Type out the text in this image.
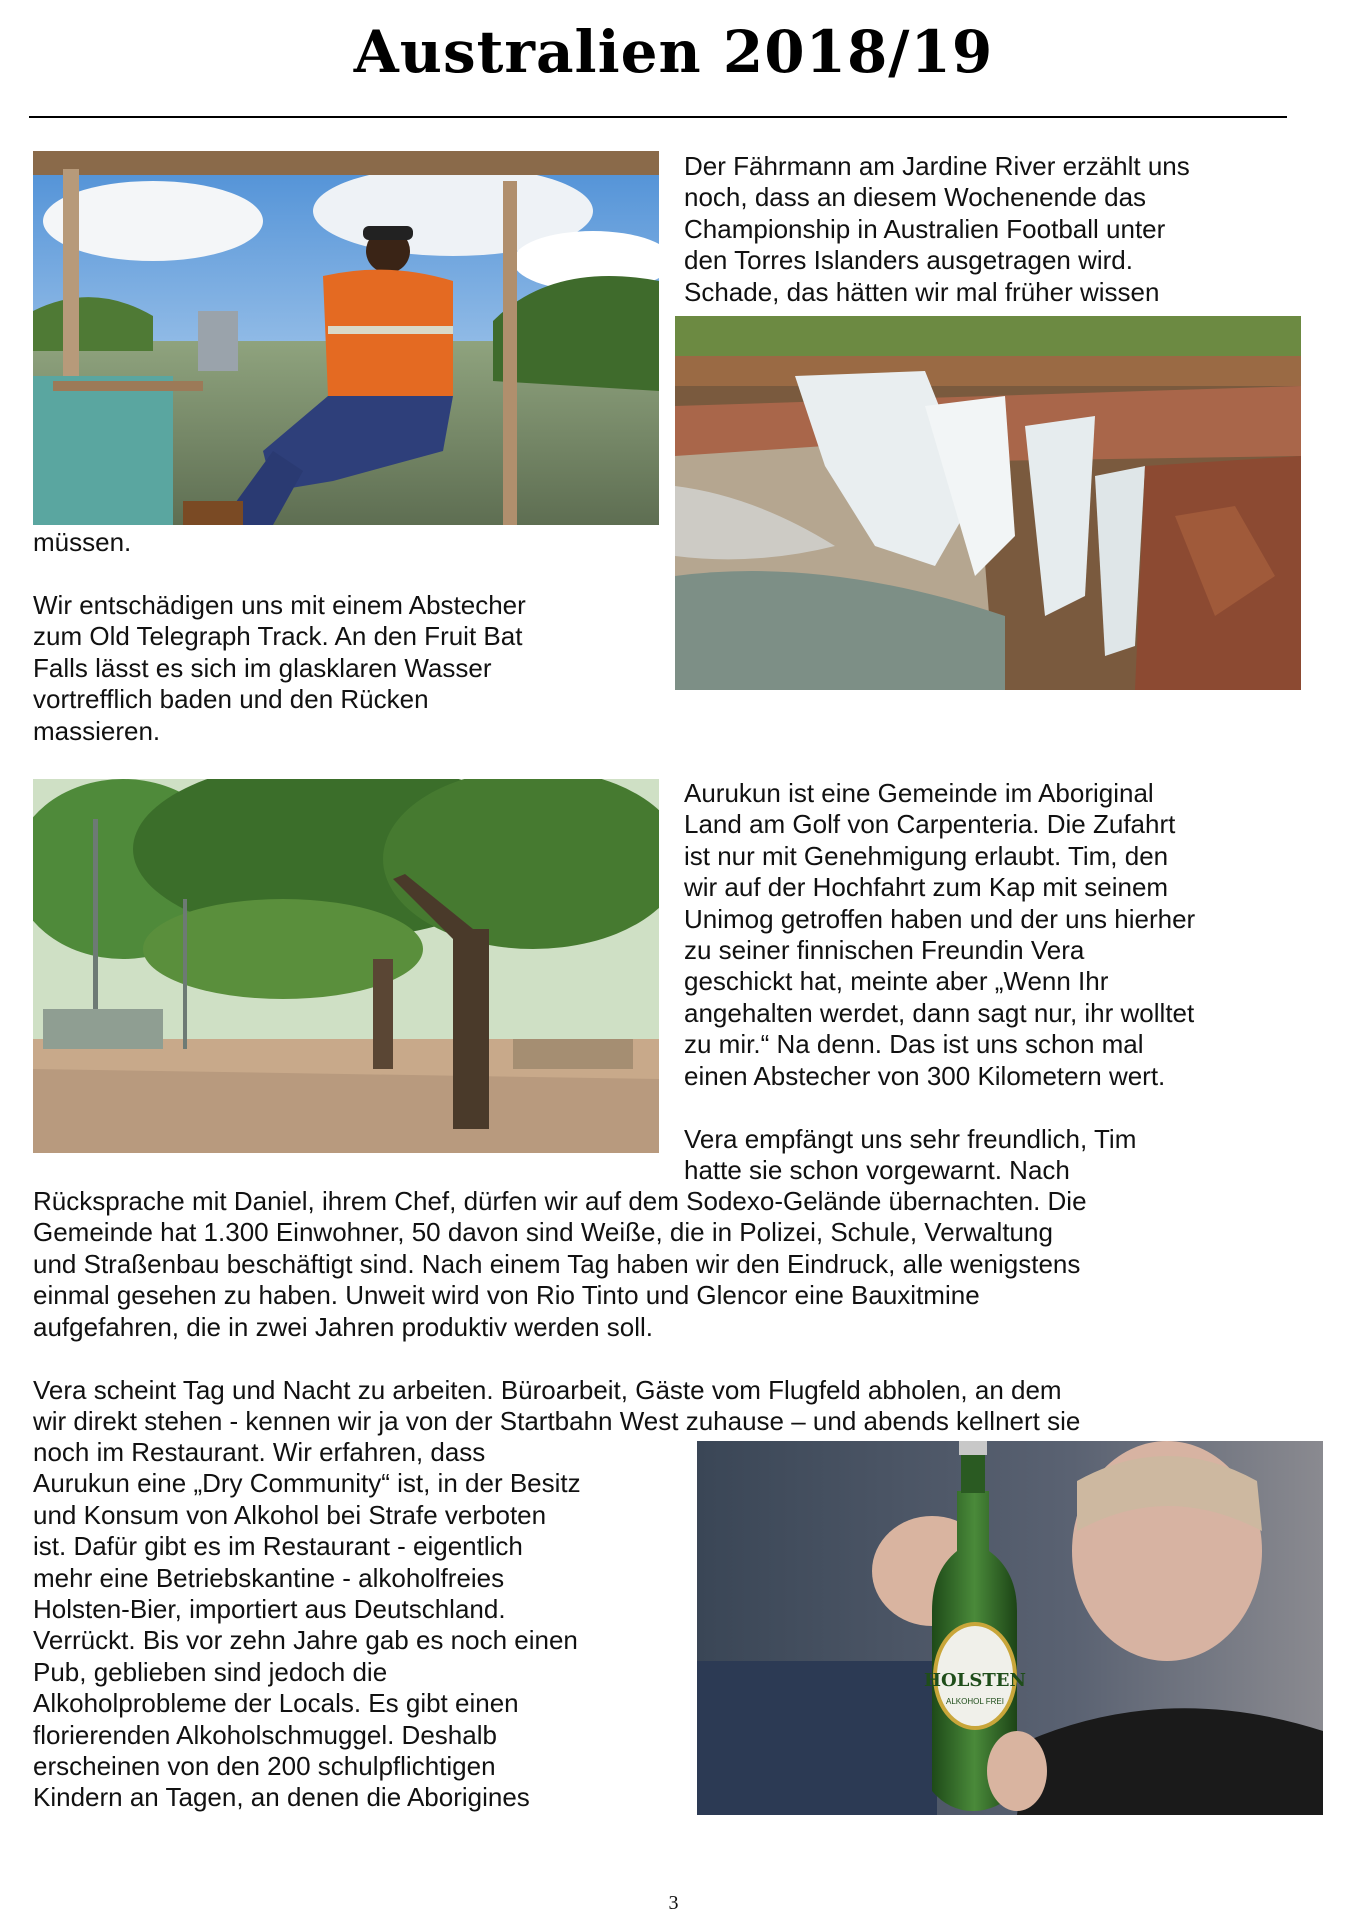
Australien 2018/19
HOLSTEN
ALKOHOL FREI

Der Fährmann am Jardine River erzählt uns
noch, dass an diesem Wochenende das
Championship in Australien Football unter
den Torres Islanders ausgetragen wird.
Schade, das hätten wir mal früher wissen

müssen.

Wir entschädigen uns mit einem Abstecher
zum Old Telegraph Track. An den Fruit Bat
Falls lässt es sich im glasklaren Wasser
vortrefflich baden und den Rücken
massieren.

Aurukun ist eine Gemeinde im Aboriginal
Land am Golf von Carpenteria. Die Zufahrt
ist nur mit Genehmigung erlaubt. Tim, den
wir auf der Hochfahrt zum Kap mit seinem
Unimog getroffen haben und der uns hierher
zu seiner finnischen Freundin Vera
geschickt hat, meinte aber „Wenn Ihr
angehalten werdet, dann sagt nur, ihr wolltet
zu mir.“ Na denn. Das ist uns schon mal
einen Abstecher von 300 Kilometern wert.

Vera empfängt uns sehr freundlich, Tim
hatte sie schon vorgewarnt. Nach

Rücksprache mit Daniel, ihrem Chef, dürfen wir auf dem Sodexo-Gelände übernachten. Die
Gemeinde hat 1.300 Einwohner, 50 davon sind Weiße, die in Polizei, Schule, Verwaltung
und Straßenbau beschäftigt sind. Nach einem Tag haben wir den Eindruck, alle wenigstens
einmal gesehen zu haben. Unweit wird von Rio Tinto und Glencor eine Bauxitmine
aufgefahren, die in zwei Jahren produktiv werden soll.

Vera scheint Tag und Nacht zu arbeiten. Büroarbeit, Gäste vom Flugfeld abholen, an dem
wir direkt stehen - kennen wir ja von der Startbahn West zuhause – und abends kellnert sie

noch im Restaurant. Wir erfahren, dass
Aurukun eine „Dry Community“ ist, in der Besitz
und Konsum von Alkohol bei Strafe verboten
ist. Dafür gibt es im Restaurant - eigentlich
mehr eine Betriebskantine - alkoholfreies
Holsten-Bier, importiert aus Deutschland.
Verrückt. Bis vor zehn Jahre gab es noch einen
Pub, geblieben sind jedoch die
Alkoholprobleme der Locals. Es gibt einen
florierenden Alkoholschmuggel. Deshalb
erscheinen von den 200 schulpflichtigen
Kindern an Tagen, an denen die Aborigines

3
